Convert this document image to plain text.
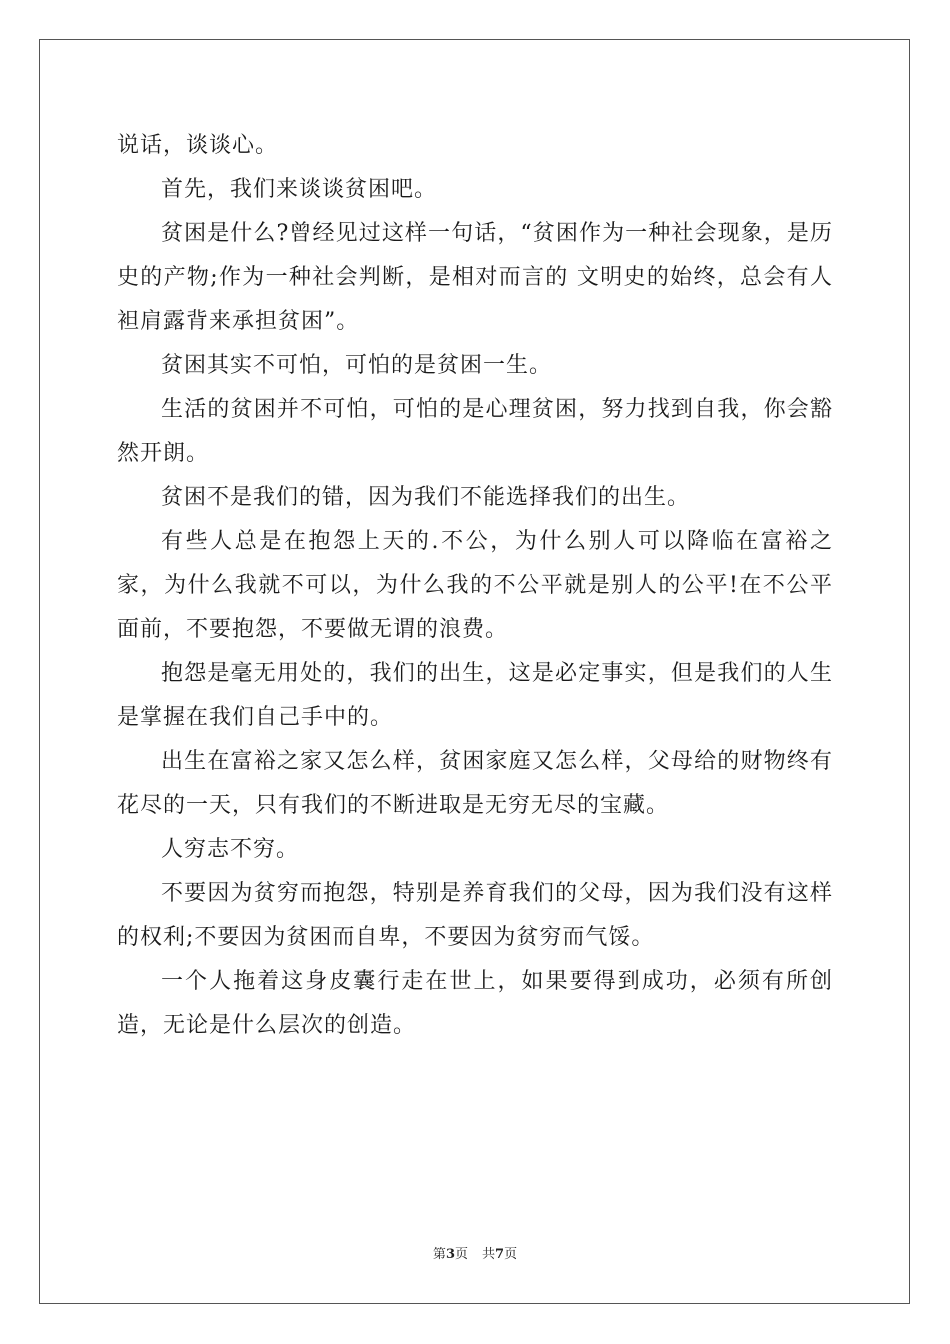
说话，谈谈心。

首先，我们来谈谈贫困吧。

贫困是什么?曾经见过这样一句话，“贫困作为一种社会现象，是历史的产物;作为一种社会判断，是相对而言的 文明史的始终，总会有人袒肩露背来承担贫困”。

贫困其实不可怕，可怕的是贫困一生。

生活的贫困并不可怕，可怕的是心理贫困，努力找到自我，你会豁然开朗。

贫困不是我们的错，因为我们不能选择我们的出生。

有些人总是在抱怨上天的.不公，为什么别人可以降临在富裕之家，为什么我就不可以，为什么我的不公平就是别人的公平!在不公平面前，不要抱怨，不要做无谓的浪费。

抱怨是毫无用处的，我们的出生，这是必定事实，但是我们的人生是掌握在我们自己手中的。

出生在富裕之家又怎么样，贫困家庭又怎么样，父母给的财物终有花尽的一天，只有我们的不断进取是无穷无尽的宝藏。

人穷志不穷。

不要因为贫穷而抱怨，特别是养育我们的父母，因为我们没有这样的权利;不要因为贫困而自卑，不要因为贫穷而气馁。

一个人拖着这身皮囊行走在世上，如果要得到成功，必须有所创造，无论是什么层次的创造。

第3页 共7页
